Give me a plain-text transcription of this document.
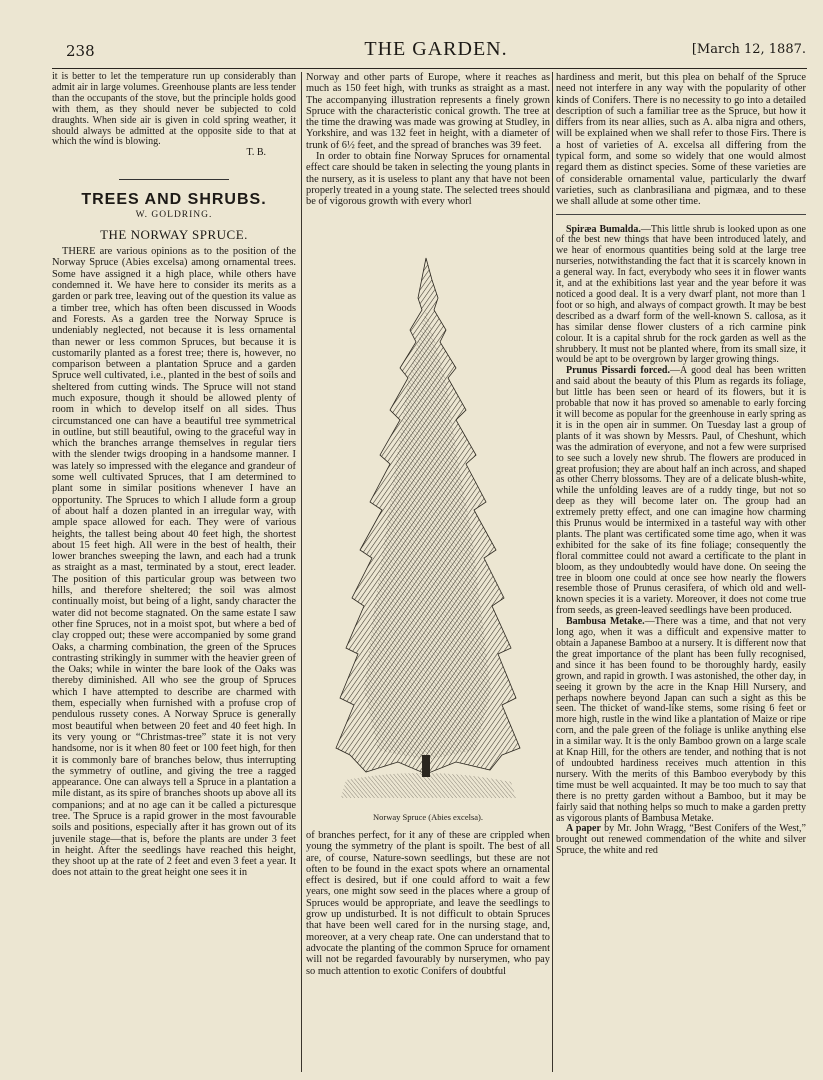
238	THE GARDEN.	[March 12, 1887.

it is better to let the temperature run up considerably than admit air in large volumes. Greenhouse plants are less tender than the occupants of the stove, but the principle holds good with them, as they should never be subjected to cold draughts. When side air is given in cold spring weather, it should always be admitted at the opposite side to that at which the wind is blowing.

T. B.
TREES AND SHRUBS.
W. GOLDRING.
THE NORWAY SPRUCE.

THERE are various opinions as to the position of the Norway Spruce (Abies excelsa) among ornamental trees. Some have assigned it a high place, while others have condemned it. We have here to consider its merits as a garden or park tree, leaving out of the question its value as a timber tree, which has often been discussed in Woods and Forests. As a garden tree the Norway Spruce is undeniably neglected, not because it is less ornamental than newer or less common Spruces, but because it is customarily planted as a forest tree; there is, however, no comparison between a plantation Spruce and a garden Spruce well cultivated, i.e., planted in the best of soils and sheltered from cutting winds. The Spruce will not stand much exposure, though it should be allowed plenty of room in which to develop itself on all sides. Thus circumstanced one can have a beautiful tree symmetrical in outline, but still beautiful, owing to the graceful way in which the branches arrange themselves in regular tiers with the slender twigs drooping in a handsome manner. I was lately so impressed with the elegance and grandeur of some well cultivated Spruces, that I am determined to plant some in similar positions whenever I have an opportunity. The Spruces to which I allude form a group of about half a dozen planted in an irregular way, with ample space allowed for each. They were of various heights, the tallest being about 40 feet high, the shortest about 15 feet high. All were in the best of health, their lower branches sweeping the lawn, and each had a trunk as straight as a mast, terminated by a stout, erect leader. The position of this particular group was between two hills, and therefore sheltered; the soil was almost continually moist, but being of a light, sandy character the water did not become stagnated. On the same estate I saw other fine Spruces, not in a moist spot, but where a bed of clay cropped out; these were accompanied by some grand Oaks, a charming combination, the green of the Spruces contrasting strikingly in summer with the heavier green of the Oaks; while in winter the bare look of the Oaks was thereby diminished. All who see the group of Spruces which I have attempted to describe are charmed with them, especially when furnished with a profuse crop of pendulous russety cones. A Norway Spruce is generally most beautiful when between 20 feet and 40 feet high. In its very young or “Christmas-tree” state it is not very handsome, nor is it when 80 feet or 100 feet high, for then it is commonly bare of branches below, thus interrupting the symmetry of outline, and giving the tree a ragged appearance. One can always tell a Spruce in a plantation a mile distant, as its spire of branches shoots up above all its companions; and at no age can it be called a picturesque tree. The Spruce is a rapid grower in the most favourable soils and positions, especially after it has grown out of its juvenile stage—that is, before the plants are under 3 feet in height. After the seedlings have reached this height, they shoot up at the rate of 2 feet and even 3 feet a year. It does not attain to the great height one sees it in

Norway and other parts of Europe, where it reaches as much as 150 feet high, with trunks as straight as a mast. The accompanying illustration represents a finely grown Spruce with the characteristic conical growth. The tree at the time the drawing was made was growing at Studley, in Yorkshire, and was 132 feet in height, with a diameter of trunk of 6½ feet, and the spread of branches was 39 feet.

In order to obtain fine Norway Spruces for ornamental effect care should be taken in selecting the young plants in the nursery, as it is useless to plant any that have not been properly treated in a young state. The selected trees should be of vigorous growth with every whorl

Norway Spruce (Abies excelsa).

of branches perfect, for it any of these are crippled when young the symmetry of the plant is spoilt. The best of all are, of course, Nature-sown seedlings, but these are not often to be found in the exact spots where an ornamental effect is desired, but if one could afford to wait a few years, one might sow seed in the places where a group of Spruces would be appropriate, and leave the seedlings to grow up undisturbed. It is not difficult to obtain Spruces that have been well cared for in the nursing stage, and, moreover, at a very cheap rate. One can understand that to advocate the planting of the common Spruce for ornament will not be regarded favourably by nurserymen, who pay so much attention to exotic Conifers of doubtful

hardiness and merit, but this plea on behalf of the Spruce need not interfere in any way with the popularity of other kinds of Conifers. There is no necessity to go into a detailed description of such a familiar tree as the Spruce, but how it differs from its near allies, such as A. alba nigra and others, will be explained when we shall refer to those Firs. There is a host of varieties of A. excelsa all differing from the typical form, and some so widely that one would almost regard them as distinct species. Some of these varieties are of considerable ornamental value, particularly the dwarf varieties, such as clanbrasiliana and pigmæa, and to these we shall allude at some other time.

Spiræa Bumalda.—This little shrub is looked upon as one of the best new things that have been introduced lately, and we hear of enormous quantities being sold at the large tree nurseries, notwithstanding the fact that it is scarcely known in a general way. In fact, everybody who sees it in flower wants it, and at the exhibitions last year and the year before it was noticed a good deal. It is a very dwarf plant, not more than 1 foot or so high, and always of compact growth. It may be best described as a dwarf form of the well-known S. callosa, as it has similar dense flower clusters of a rich carmine pink colour. It is a capital shrub for the rock garden as well as the shrubbery. It must not be planted where, from its small size, it would be apt to be overgrown by larger growing things.

Prunus Pissardi forced.—A good deal has been written and said about the beauty of this Plum as regards its foliage, but little has been seen or heard of its flowers, but it is probable that now it has proved so amenable to early forcing it will become as popular for the greenhouse in early spring as it is in the open air in summer. On Tuesday last a group of plants of it was shown by Messrs. Paul, of Cheshunt, which was the admiration of everyone, and not a few were surprised to see such a lovely new shrub. The flowers are produced in great profusion; they are about half an inch across, and shaped as other Cherry blossoms. They are of a delicate blush-white, while the unfolding leaves are of a ruddy tinge, but not so deep as they will become later on. The group had an extremely pretty effect, and one can imagine how charming this Prunus would be intermixed in a tasteful way with other plants. The plant was certificated some time ago, when it was exhibited for the sake of its fine foliage; consequently the floral committee could not award a certificate to the plant in bloom, as they undoubtedly would have done. On seeing the tree in bloom one could at once see how nearly the flowers resemble those of Prunus cerasifera, of which old and well-known species it is a variety. Moreover, it does not come true from seeds, as green-leaved seedlings have been produced.

Bambusa Metake.—There was a time, and that not very long ago, when it was a difficult and expensive matter to obtain a Japanese Bamboo at a nursery. It is different now that the great importance of the plant has been fully recognised, and since it has been found to be thoroughly hardy, easily grown, and rapid in growth. I was astonished, the other day, in seeing it grown by the acre in the Knap Hill Nursery, and perhaps nowhere beyond Japan can such a sight as this be seen. The thicket of wand-like stems, some rising 6 feet or more high, rustle in the wind like a plantation of Maize or ripe corn, and the pale green of the foliage is unlike anything else in a similar way. It is the only Bamboo grown on a large scale at Knap Hill, for the others are tender, and nothing that is not of undoubted hardiness receives much attention in this nursery. With the merits of this Bamboo everybody by this time must be well acquainted. It may be too much to say that there is no pretty garden without a Bamboo, but it may be fairly said that nothing helps so much to make a garden pretty as vigorous plants of Bambusa Metake.

A paper by Mr. John Wragg, “Best Conifers of the West,” brought out renewed commendation of the white and silver Spruce, the white and red
